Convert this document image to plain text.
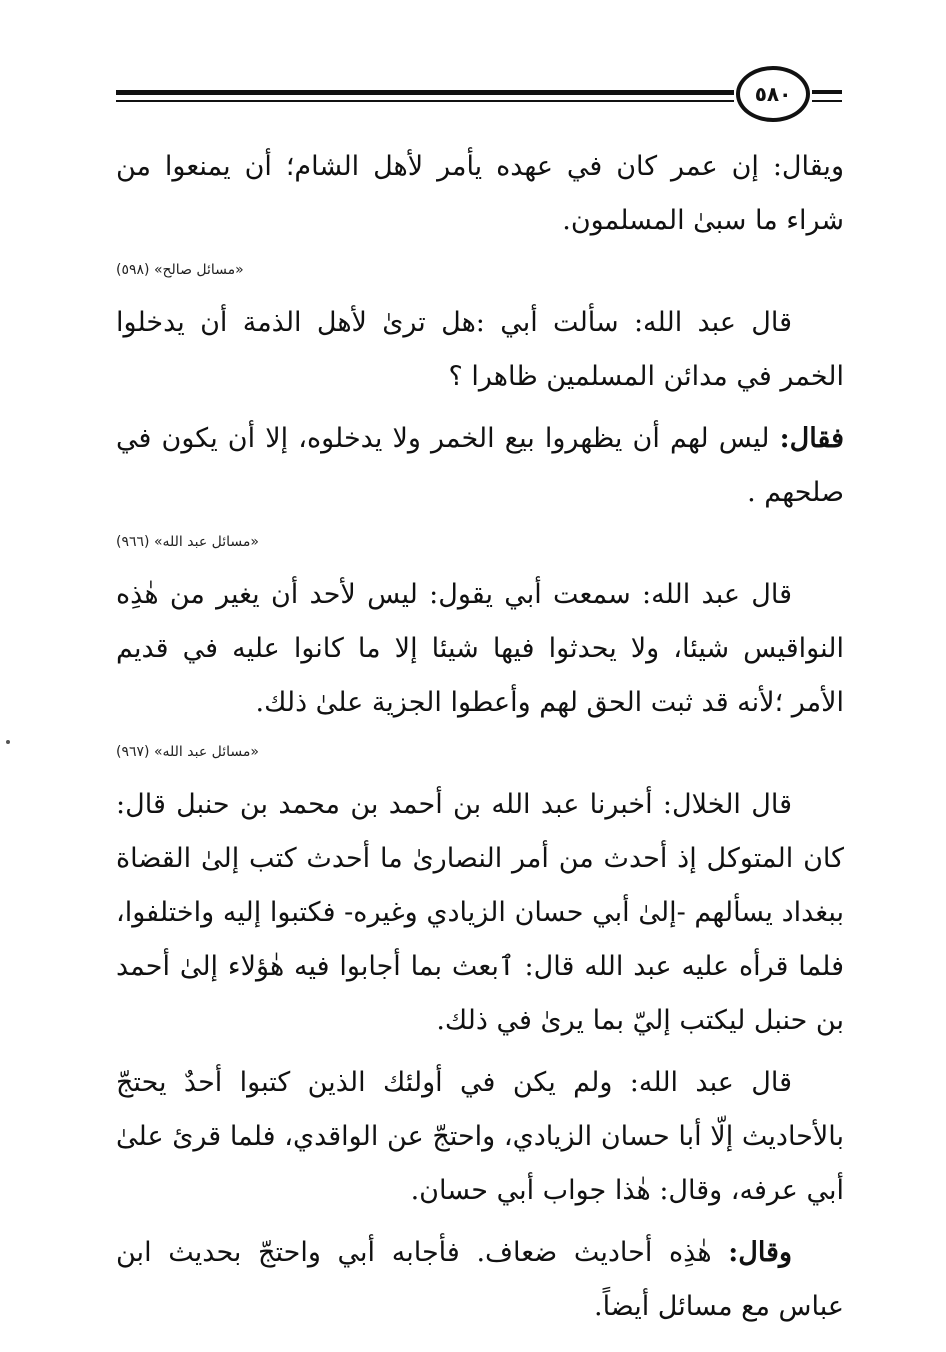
٥٨٠

ويقال: إن عمر كان في عهده يأمر لأهل الشام؛ أن يمنعوا من شراء ما سبىٰ المسلمون.

«مسائل صالح» (٥٩٨)

قال عبد الله: سألت أبي :هل ترىٰ لأهل الذمة أن يدخلوا الخمر في مدائن المسلمين ظاهرا ؟

فقال: ليس لهم أن يظهروا بيع الخمر ولا يدخلوه، إلا أن يكون في صلحهم .

«مسائل عبد الله» (٩٦٦)

قال عبد الله: سمعت أبي يقول: ليس لأحد أن يغير من هٰذِه النواقيس شيئا، ولا يحدثوا فيها شيئا إلا ما كانوا عليه في قديم الأمر ؛لأنه قد ثبت الحق لهم وأعطوا الجزية علىٰ ذلك.

«مسائل عبد الله» (٩٦٧)

قال الخلال: أخبرنا عبد الله بن أحمد بن محمد بن حنبل قال: كان المتوكل إذ أحدث من أمر النصارىٰ ما أحدث كتب إلىٰ القضاة ببغداد يسألهم -إلىٰ أبي حسان الزيادي وغيره- فكتبوا إليه واختلفوا، فلما قرأه عليه عبد الله قال: ٱبعث بما أجابوا فيه هٰؤلاء إلىٰ أحمد بن حنبل ليكتب إليّ بما يرىٰ في ذلك.

قال عبد الله: ولم يكن في أولئك الذين كتبوا أحدٌ يحتجّ بالأحاديث إلّا أبا حسان الزيادي، واحتجّ عن الواقدي، فلما قرئ علىٰ أبي عرفه، وقال: هٰذا جواب أبي حسان.

وقال: هٰذِه أحاديث ضعاف. فأجابه أبي واحتجّ بحديث ابن عباس مع مسائل أيضاً.
